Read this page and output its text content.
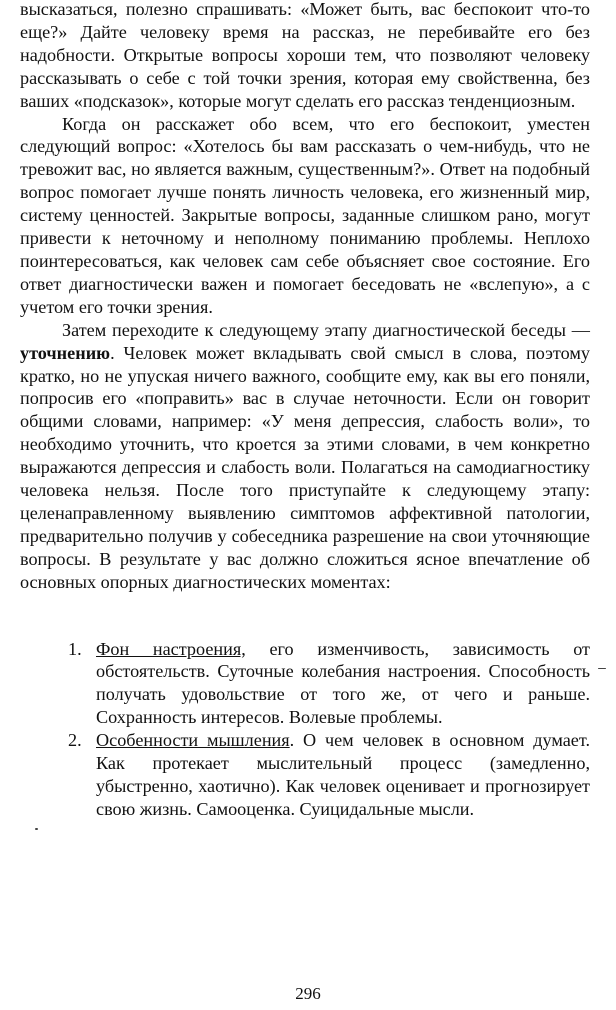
высказаться, полезно спрашивать: «Может быть, вас беспокоит что-то еще?» Дайте человеку время на рассказ, не перебивайте его без надобности. Открытые вопросы хороши тем, что позволяют человеку рассказывать о себе с той точки зрения, которая ему свойственна, без ваших «подсказок», которые могут сделать его рассказ тенденциозным.

Когда он расскажет обо всем, что его беспокоит, уместен следующий вопрос: «Хотелось бы вам рассказать о чем-нибудь, что не тревожит вас, но является важным, существенным?». Ответ на подобный вопрос помогает лучше понять личность человека, его жизненный мир, систему ценностей. Закрытые вопросы, заданные слишком рано, могут привести к неточному и неполному пониманию проблемы. Неплохо поинтересоваться, как человек сам себе объясняет свое состояние. Его ответ диагностически важен и помогает беседовать не «вслепую», а с учетом его точки зрения.

Затем переходите к следующему этапу диагностической беседы — уточнению. Человек может вкладывать свой смысл в слова, поэтому кратко, но не упуская ничего важного, сообщите ему, как вы его поняли, попросив его «поправить» вас в случае неточности. Если он говорит общими словами, например: «У меня депрессия, слабость воли», то необходимо уточнить, что кроется за этими словами, в чем конкретно выражаются депрессия и слабость воли. Полагаться на самодиагностику человека нельзя. После того приступайте к следующему этапу: целенаправленному выявлению симптомов аффективной патологии, предварительно получив у собеседника разрешение на свои уточняющие вопросы. В результате у вас должно сложиться ясное впечатление об основных опорных диагностических моментах:

1. Фон настроения, его изменчивость, зависимость от обстоятельств. Суточные колебания настроения. Способность получать удовольствие от того же, от чего и раньше. Сохранность интересов. Волевые проблемы.
2. Особенности мышления. О чем человек в основном думает. Как протекает мыслительный процесс (замедленно, убыстренно, хаотично). Как человек оценивает и прогнозирует свою жизнь. Самооценка. Суицидальные мысли.
296
